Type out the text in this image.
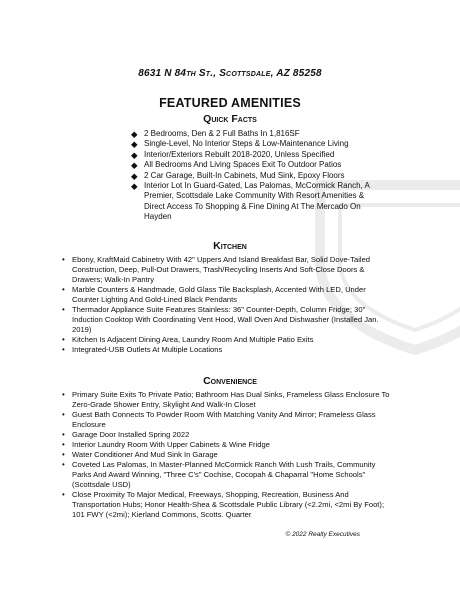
8631 N 84th St., Scottsdale, AZ 85258
FEATURED AMENITIES
Quick Facts
◆ 2 Bedrooms, Den & 2 Full Baths In 1,816SF
◆ Single-Level, No Interior Steps & Low-Maintenance Living
◆ Interior/Exteriors Rebuilt 2018-2020, Unless Specified
◆ All Bedrooms And Living Spaces Exit To Outdoor Patios
◆ 2 Car Garage, Built-In Cabinets, Mud Sink, Epoxy Floors
◆ Interior Lot In Guard-Gated, Las Palomas, McCormick Ranch, A Premier, Scottsdale Lake Community With Resort Amenities & Direct Access To Shopping & Fine Dining At The Mercado On Hayden
Kitchen
• Ebony, KraftMaid Cabinetry With 42" Uppers And Island Breakfast Bar, Solid Dove-Tailed Construction, Deep, Pull-Out Drawers, Trash/Recycling Inserts And Soft-Close Doors & Drawers; Walk-In Pantry
• Marble Counters & Handmade, Gold Glass Tile Backsplash, Accented With LED, Under Counter Lighting And Gold-Lined Black Pendants
• Thermador Appliance Suite Features Stainless: 36" Counter-Depth, Column Fridge; 30" Induction Cooktop With Coordinating Vent Hood, Wall Oven And Dishwasher (Installed Jan. 2019)
• Kitchen Is Adjacent Dining Area, Laundry Room And Multiple Patio Exits
• Integrated-USB Outlets At Multiple Locations
Convenience
• Primary Suite Exits To Private Patio; Bathroom Has Dual Sinks, Frameless Glass Enclosure To Zero-Grade Shower Entry, Skylight And Walk-In Closet
• Guest Bath Connects To Powder Room With Matching Vanity And Mirror; Frameless Glass Enclosure
• Garage Door Installed Spring 2022
• Interior Laundry Room With Upper Cabinets & Wine Fridge
• Water Conditioner And Mud Sink In Garage
• Coveted Las Palomas, In Master-Planned McCormick Ranch With Lush Trails, Community Parks And Award Winning, "Three C's" Cochise, Cocopah & Chaparral "Home Schools" (Scottsdale USD)
• Close Proximity To Major Medical, Freeways, Shopping, Recreation, Business And Transportation Hubs; Honor Health-Shea & Scottsdale Public Library (<2.2mi, <2mi By Foot); 101 FWY (<2mi); Kierland Commons, Scotts. Quarter
© 2022 Realty Executives
